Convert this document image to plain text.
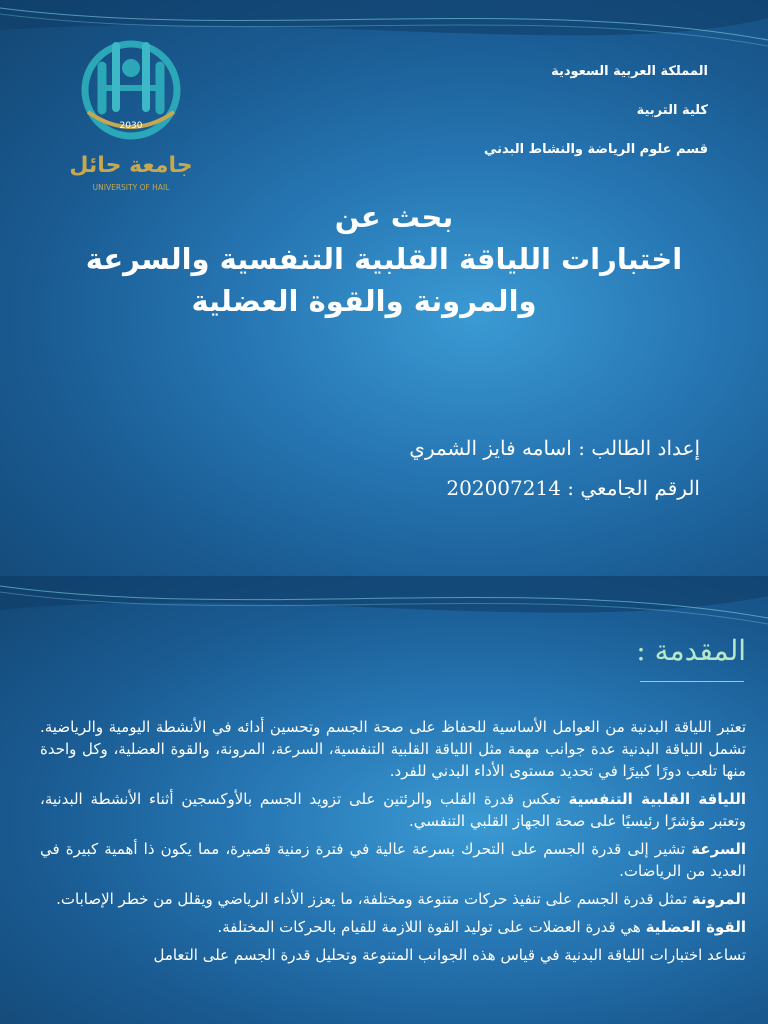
2030
جامعة حائل
UNIVERSITY OF HAIL
المملكة العربية السعودية
كلية التربية
قسم علوم الرياضة والنشاط البدني
بحث عن
اختبارات اللياقة القلبية التنفسية والسرعة
والمرونة والقوة العضلية
إعداد الطالب : اسامه فايز الشمري
الرقم الجامعي : 202007214
المقدمة :

تعتبر اللياقة البدنية من العوامل الأساسية للحفاظ على صحة الجسم وتحسين أدائه في الأنشطة اليومية والرياضية. تشمل اللياقة البدنية عدة جوانب مهمة مثل اللياقة القلبية التنفسية، السرعة، المرونة، والقوة العضلية، وكل واحدة منها تلعب دورًا كبيرًا في تحديد مستوى الأداء البدني للفرد.

اللياقة القلبية التنفسية تعكس قدرة القلب والرئتين على تزويد الجسم بالأوكسجين أثناء الأنشطة البدنية، وتعتبر مؤشرًا رئيسيًا على صحة الجهاز القلبي التنفسي.

السرعة تشير إلى قدرة الجسم على التحرك بسرعة عالية في فترة زمنية قصيرة، مما يكون ذا أهمية كبيرة في العديد من الرياضات.

المرونة تمثل قدرة الجسم على تنفيذ حركات متنوعة ومختلفة، ما يعزز الأداء الرياضي ويقلل من خطر الإصابات.

القوة العضلية هي قدرة العضلات على توليد القوة اللازمة للقيام بالحركات المختلفة.

تساعد اختبارات اللياقة البدنية في قياس هذه الجوانب المتنوعة وتحليل قدرة الجسم على التعامل
